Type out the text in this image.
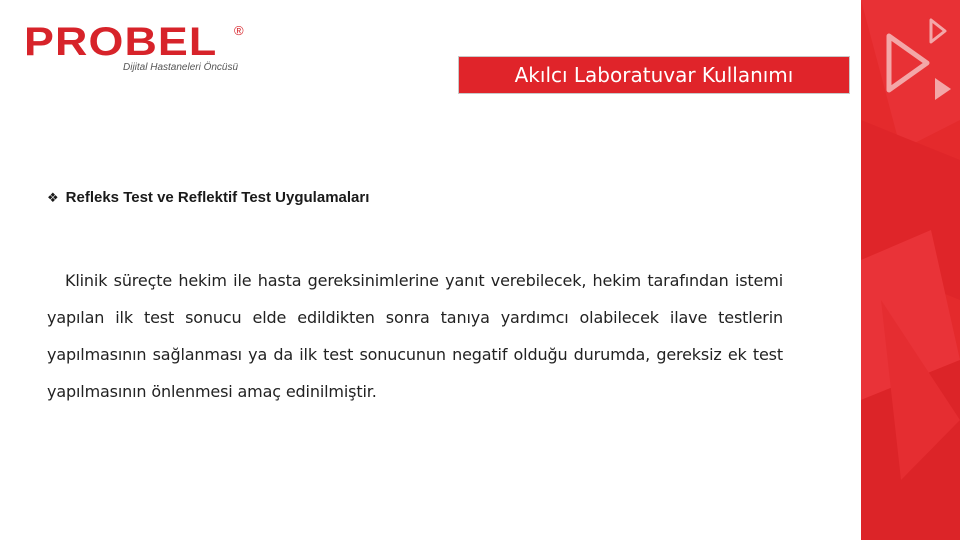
PROBEL ®
Dijital Hastaneleri Öncüsü	Akılcı Laboratuvar Kullanımı
❖ Refleks Test ve Reflektif Test Uygulamaları

Klinik süreçte hekim ile hasta gereksinimlerine yanıt verebilecek, hekim tarafından istemi yapılan ilk test sonucu elde edildikten sonra tanıya yardımcı olabilecek ilave testlerin yapılmasının sağlanması ya da ilk test sonucunun negatif olduğu durumda, gereksiz ek test yapılmasının önlenmesi amaç edinilmiştir.
